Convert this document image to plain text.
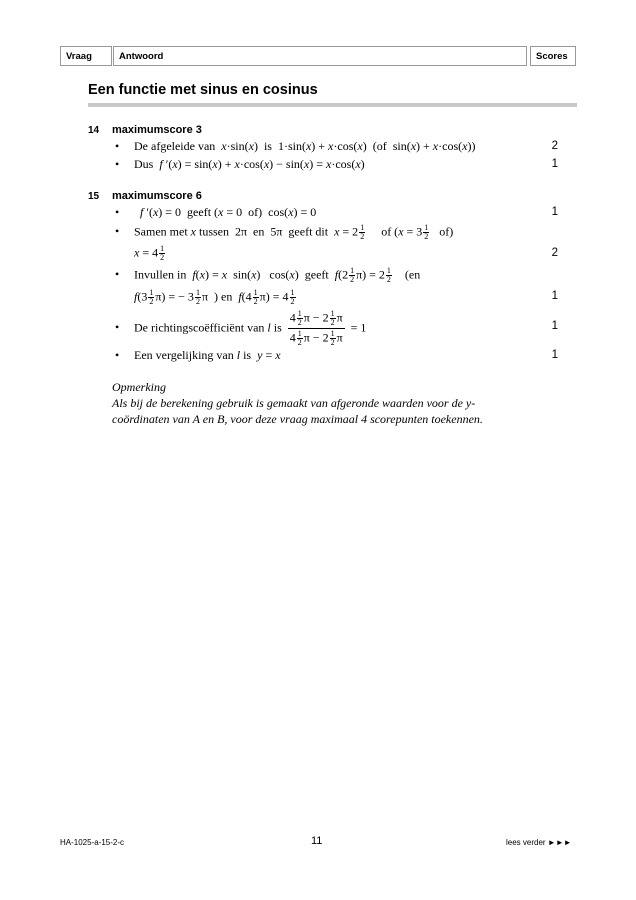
Vraag	Antwoord	Scores
Een functie met sinus en cosinus
14 maximumscore 3
• De afgeleide van  x·sin(x)  is  1·sin(x) + x·cos(x)  (of  sin(x) + x·cos(x))	2
• Dus  f ′(x) = sin(x) + x·cos(x) − sin(x) = x·cos(x)	1
15 maximumscore 6
•	f ′(x) = 0  geeft (x = 0  of)  cos(x) = 0	1
• Samen met x tussen  2π  en  5π  geeft dit  $x = 2 \frac{1}{2}$ of $(x = 3 \frac{1}{2} of)$
$x = 4 \frac{1}{2}$	2
• Invullen in  f(x) = x  sin(x)   cos(x)  geeft  $f(2 \frac{1}{2} \pi) = 2 \frac{1}{2} (en$
$f(3 \frac{1}{2} \pi)$ = − $3 \frac{1}{2}$ π  ) en  $f(4 \frac{1}{2} \pi) = 4 \frac{1}{2}$	1
• De richtingscoëfficiënt van l is $\frac{4 \frac{1}{2} \pi - 2 \frac{1}{2} \pi}{4 \frac{1}{2} \pi - 2 \frac{1}{2} \pi} = 1$	1
• Een vergelijking van l is  y = x	1
Opmerking
Als bij de berekening gebruik is gemaakt van afgeronde waarden voor de y-coördinaten van A en B, voor deze vraag maximaal 4 scorepunten toekennen.
HA-1025-a-15-2-c	11	lees verder ►►►
